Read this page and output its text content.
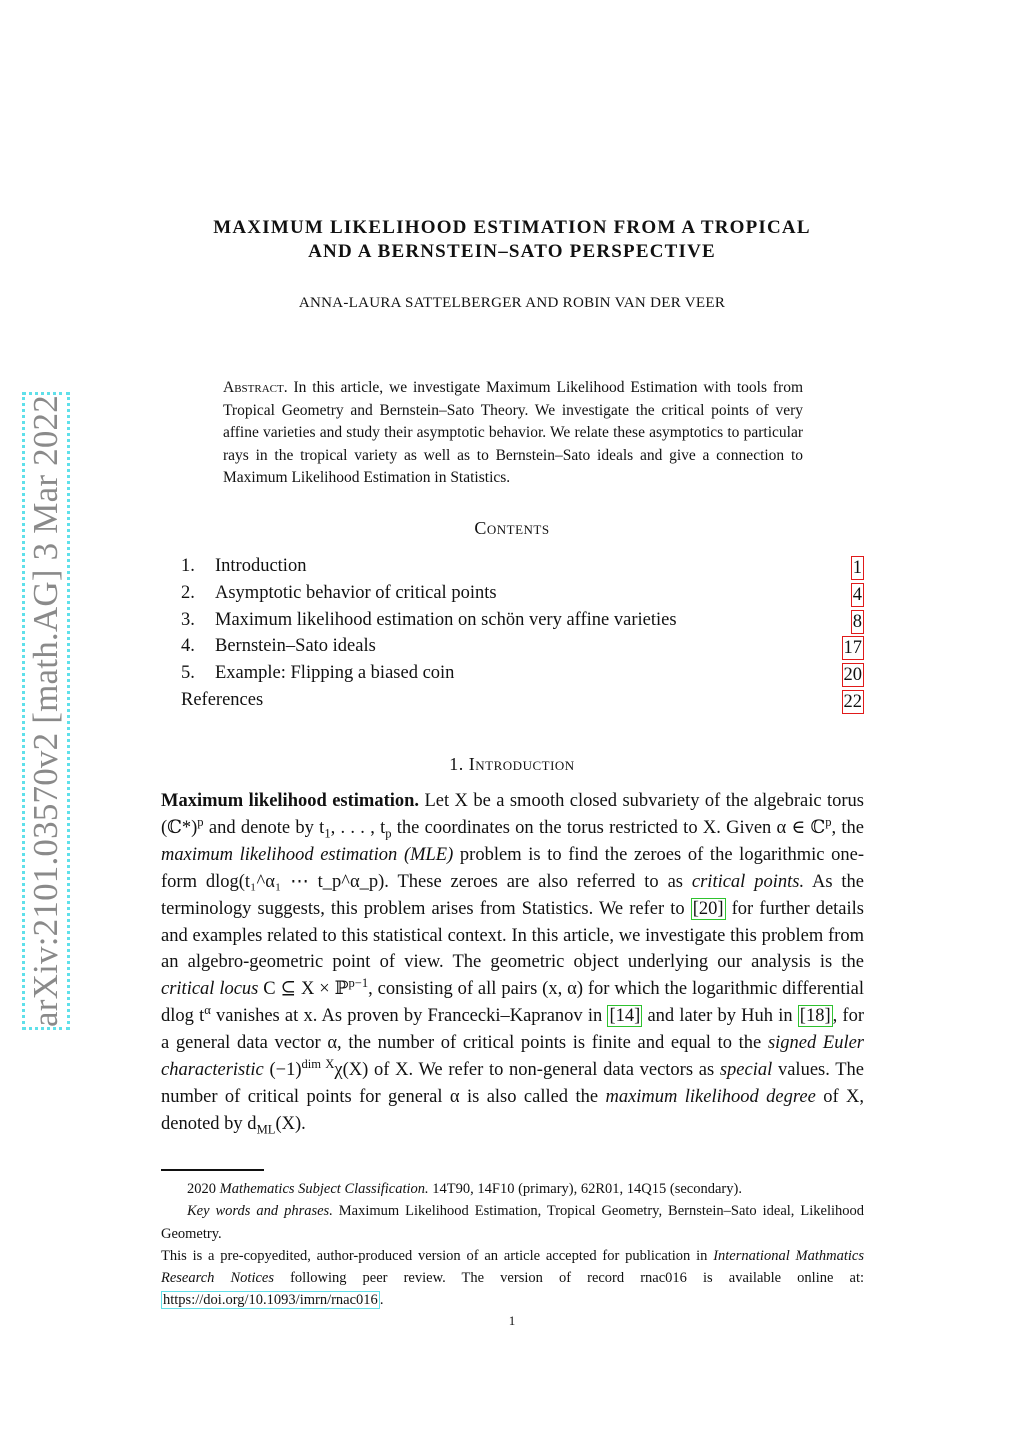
arXiv:2101.03570v2 [math.AG] 3 Mar 2022
MAXIMUM LIKELIHOOD ESTIMATION FROM A TROPICAL
AND A BERNSTEIN–SATO PERSPECTIVE
ANNA-LAURA SATTELBERGER AND ROBIN VAN DER VEER
Abstract. In this article, we investigate Maximum Likelihood Estimation with tools from Tropical Geometry and Bernstein–Sato Theory. We investigate the critical points of very affine varieties and study their asymptotic behavior. We relate these asymptotics to particular rays in the tropical variety as well as to Bernstein–Sato ideals and give a connection to Maximum Likelihood Estimation in Statistics.
Contents
1. Introduction	1
2. Asymptotic behavior of critical points	4
3. Maximum likelihood estimation on schön very affine varieties	8
4. Bernstein–Sato ideals	17
5. Example: Flipping a biased coin	20
References	22
1. Introduction
Maximum likelihood estimation. Let X be a smooth closed subvariety of the algebraic torus (ℂ*)$^p$ and denote by $t_1$, . . . , $t_p$ the coordinates on the torus restricted to X. Given α ∈ ℂ$^p$, the maximum likelihood estimation (MLE) problem is to find the zeroes of the logarithmic one-form dlog(t₁^α₁ ⋯ t_p^α_p). These zeroes are also referred to as critical points. As the terminology suggests, this problem arises from Statistics. We refer to [20] for further details and examples related to this statistical context. In this article, we investigate this problem from an algebro-geometric point of view. The geometric object underlying our analysis is the critical locus C ⊆ X × ℙ$^{p-1}$, consisting of all pairs (x, α) for which the logarithmic differential dlog $t^\alpha$ vanishes at x. As proven by Francecki–Kapranov in [14] and later by Huh in [18] , for a general data vector α, the number of critical points is finite and equal to the signed Euler characteristic $(-1)^{dim X}\chi(X)$ of X. We refer to non-general data vectors as special values. The number of critical points for general α is also called the maximum likelihood degree of X, denoted by $d_{ML}(X)$.

2020 Mathematics Subject Classification. 14T90, 14F10 (primary), 62R01, 14Q15 (secondary).

Key words and phrases. Maximum Likelihood Estimation, Tropical Geometry, Bernstein–Sato ideal, Likelihood Geometry.

This is a pre-copyedited, author-produced version of an article accepted for publication in International Mathmatics Research Notices following peer review. The version of record rnac016 is available online at: https://doi.org/10.1093/imrn/rnac016 .

1
